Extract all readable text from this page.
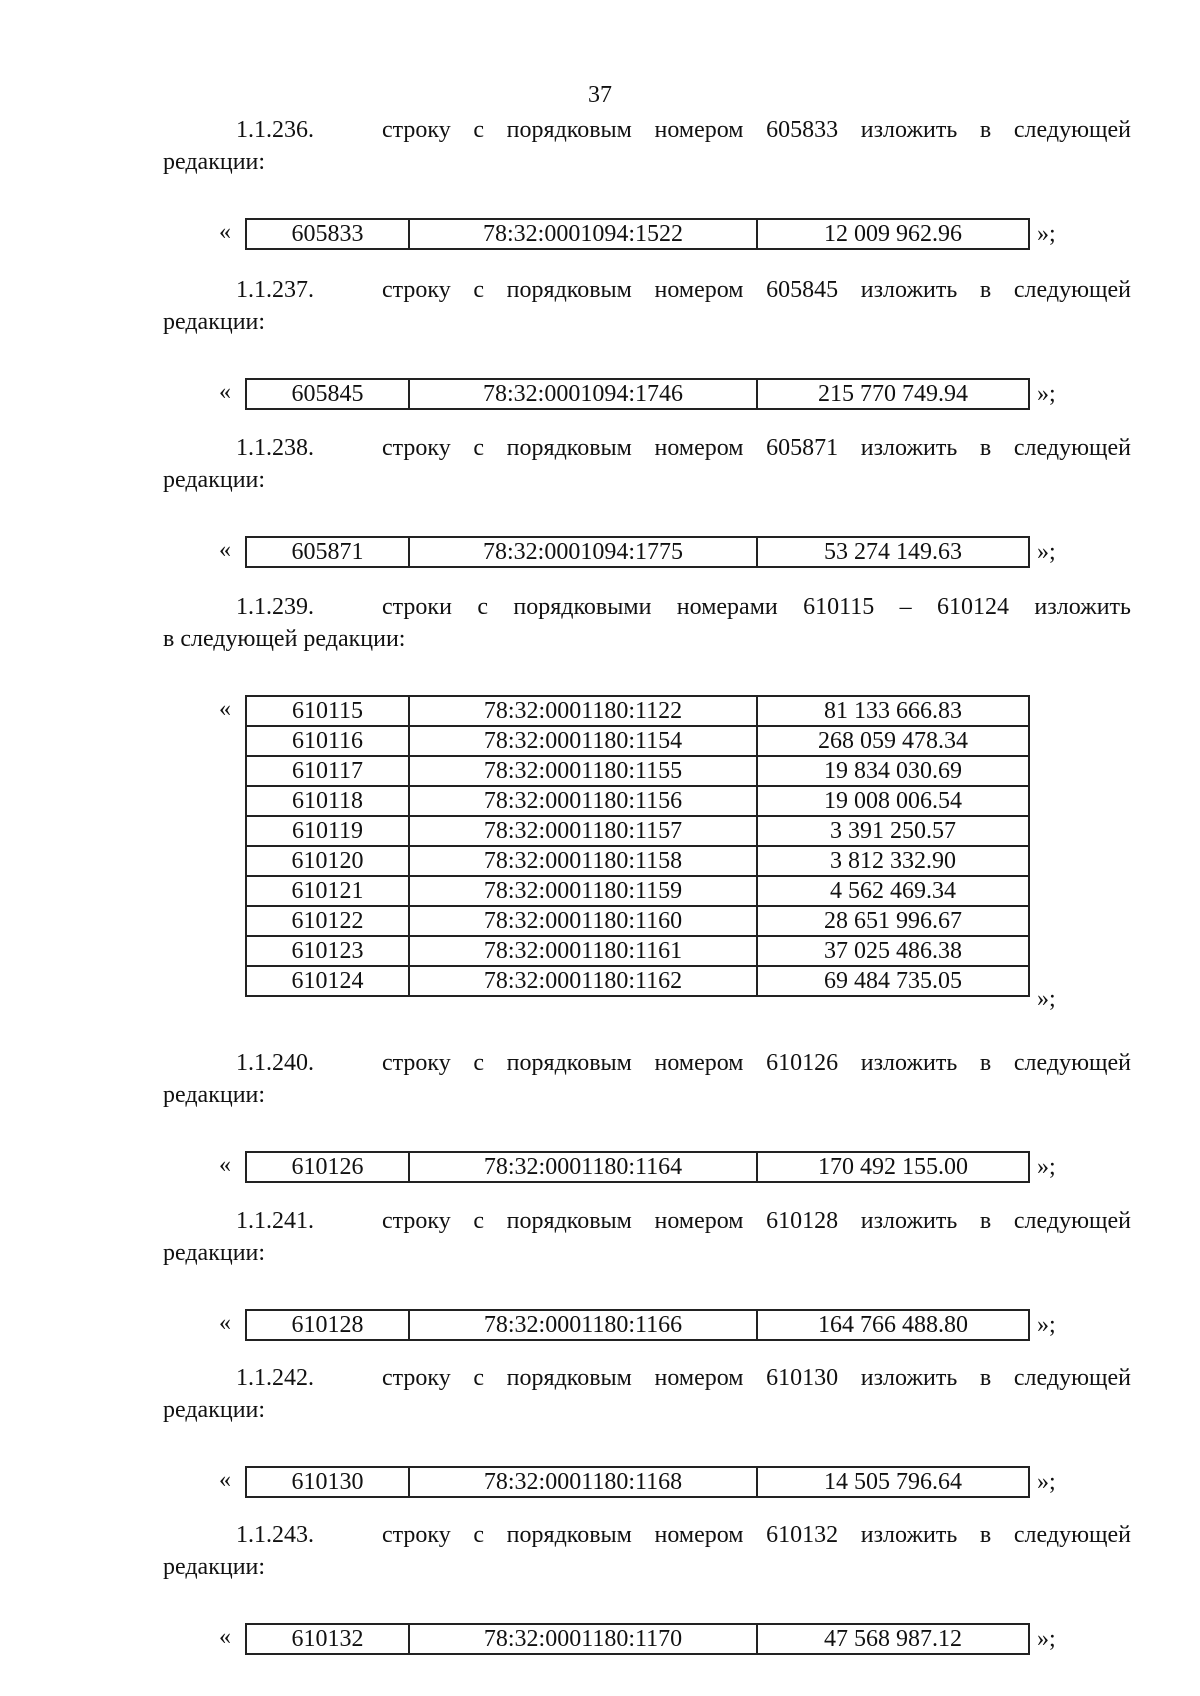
37
1.1.236.	строку с порядковым номером 605833 изложить в следующей
редакции:
«	605833	78:32:0001094:1522	12 009 962.96	»;
1.1.237.	строку с порядковым номером 605845 изложить в следующей
редакции:
«	605845	78:32:0001094:1746	215 770 749.94	»;
1.1.238.	строку с порядковым номером 605871 изложить в следующей
редакции:
«	605871	78:32:0001094:1775	53 274 149.63	»;
1.1.239.	строки с порядковыми номерами 610115 – 610124 изложить
в следующей редакции:
«	610115	78:32:0001180:1122	81 133 666.83
610116	78:32:0001180:1154	268 059 478.34
610117	78:32:0001180:1155	19 834 030.69
610118	78:32:0001180:1156	19 008 006.54
610119	78:32:0001180:1157	3 391 250.57
610120	78:32:0001180:1158	3 812 332.90
610121	78:32:0001180:1159	4 562 469.34
610122	78:32:0001180:1160	28 651 996.67
610123	78:32:0001180:1161	37 025 486.38
610124	78:32:0001180:1162	69 484 735.05
»;
1.1.240.	строку с порядковым номером 610126 изложить в следующей
редакции:
«	610126	78:32:0001180:1164	170 492 155.00	»;
1.1.241.	строку с порядковым номером 610128 изложить в следующей
редакции:
«	610128	78:32:0001180:1166	164 766 488.80	»;
1.1.242.	строку с порядковым номером 610130 изложить в следующей
редакции:
«	610130	78:32:0001180:1168	14 505 796.64	»;
1.1.243.	строку с порядковым номером 610132 изложить в следующей
редакции:
«	610132	78:32:0001180:1170	47 568 987.12	»;
